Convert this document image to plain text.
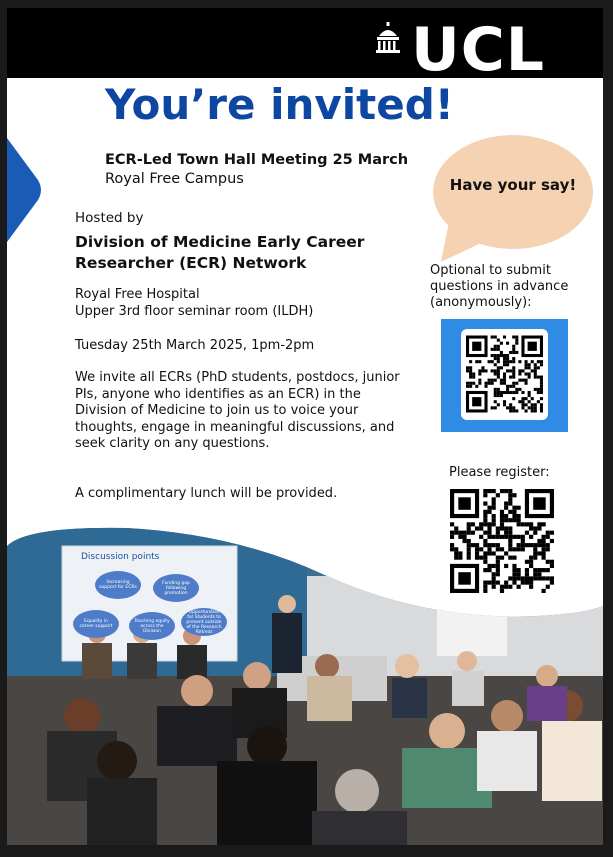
UCL
You’re invited!
ECR-Led Town Hall Meeting 25 March
Royal Free Campus
Hosted by
Division of Medicine Early Career
Researcher (ECR) Network
Royal Free Hospital
Upper 3rd floor seminar room (ILDH)
Tuesday 25th March 2025, 1pm-2pm
We invite all ECRs (PhD students, postdocs, junior PIs, anyone who identifies as an ECR) in the Division of Medicine to join us to voice your thoughts, engage in meaningful discussions, and seek clarity on any questions.
A complimentary lunch will be provided.
Have your say!
Optional to submit
questions in advance
(anonymously):
Please register:
Discussion points
Increasing support for ECRs
Funding gap following promotion
Equality in career support
Teaching equity across the Division
Opportunities for Students to present outside of the Research Retreat
